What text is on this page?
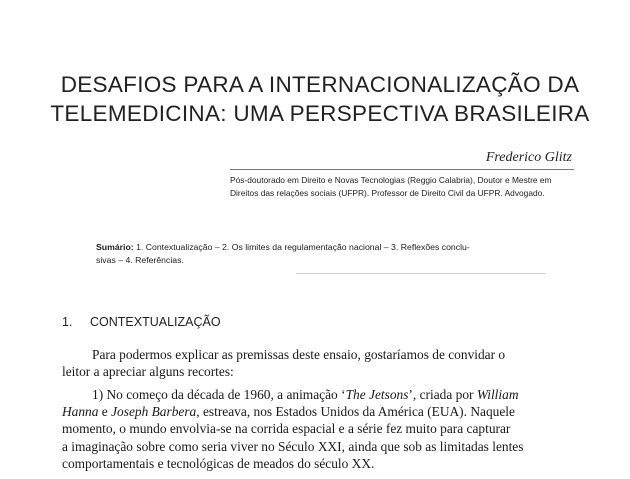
DESAFIOS PARA A INTERNACIONALIZAÇÃO DA
TELEMEDICINA: UMA PERSPECTIVA BRASILEIRA
Frederico Glitz
Pós-doutorado em Direito e Novas Tecnologias (Reggio Calabria), Doutor e Mestre em
Direitos das relações sociais (UFPR). Professor de Direito Civil da UFPR. Advogado.
Sumário: 1. Contextualização – 2. Os limites da regulamentação nacional – 3. Reflexões conclu-
sivas – 4. Referências.
1. CONTEXTUALIZAÇÃO
Para podermos explicar as premissas deste ensaio, gostaríamos de convidar o
leitor a apreciar alguns recortes:
1) No começo da década de 1960, a animação ‘The Jetsons’, criada por William
Hanna e Joseph Barbera, estreava, nos Estados Unidos da América (EUA). Naquele
momento, o mundo envolvia-se na corrida espacial e a série fez muito para capturar
a imaginação sobre como seria viver no Século XXI, ainda que sob as limitadas lentes
comportamentais e tecnológicas de meados do século XX.
